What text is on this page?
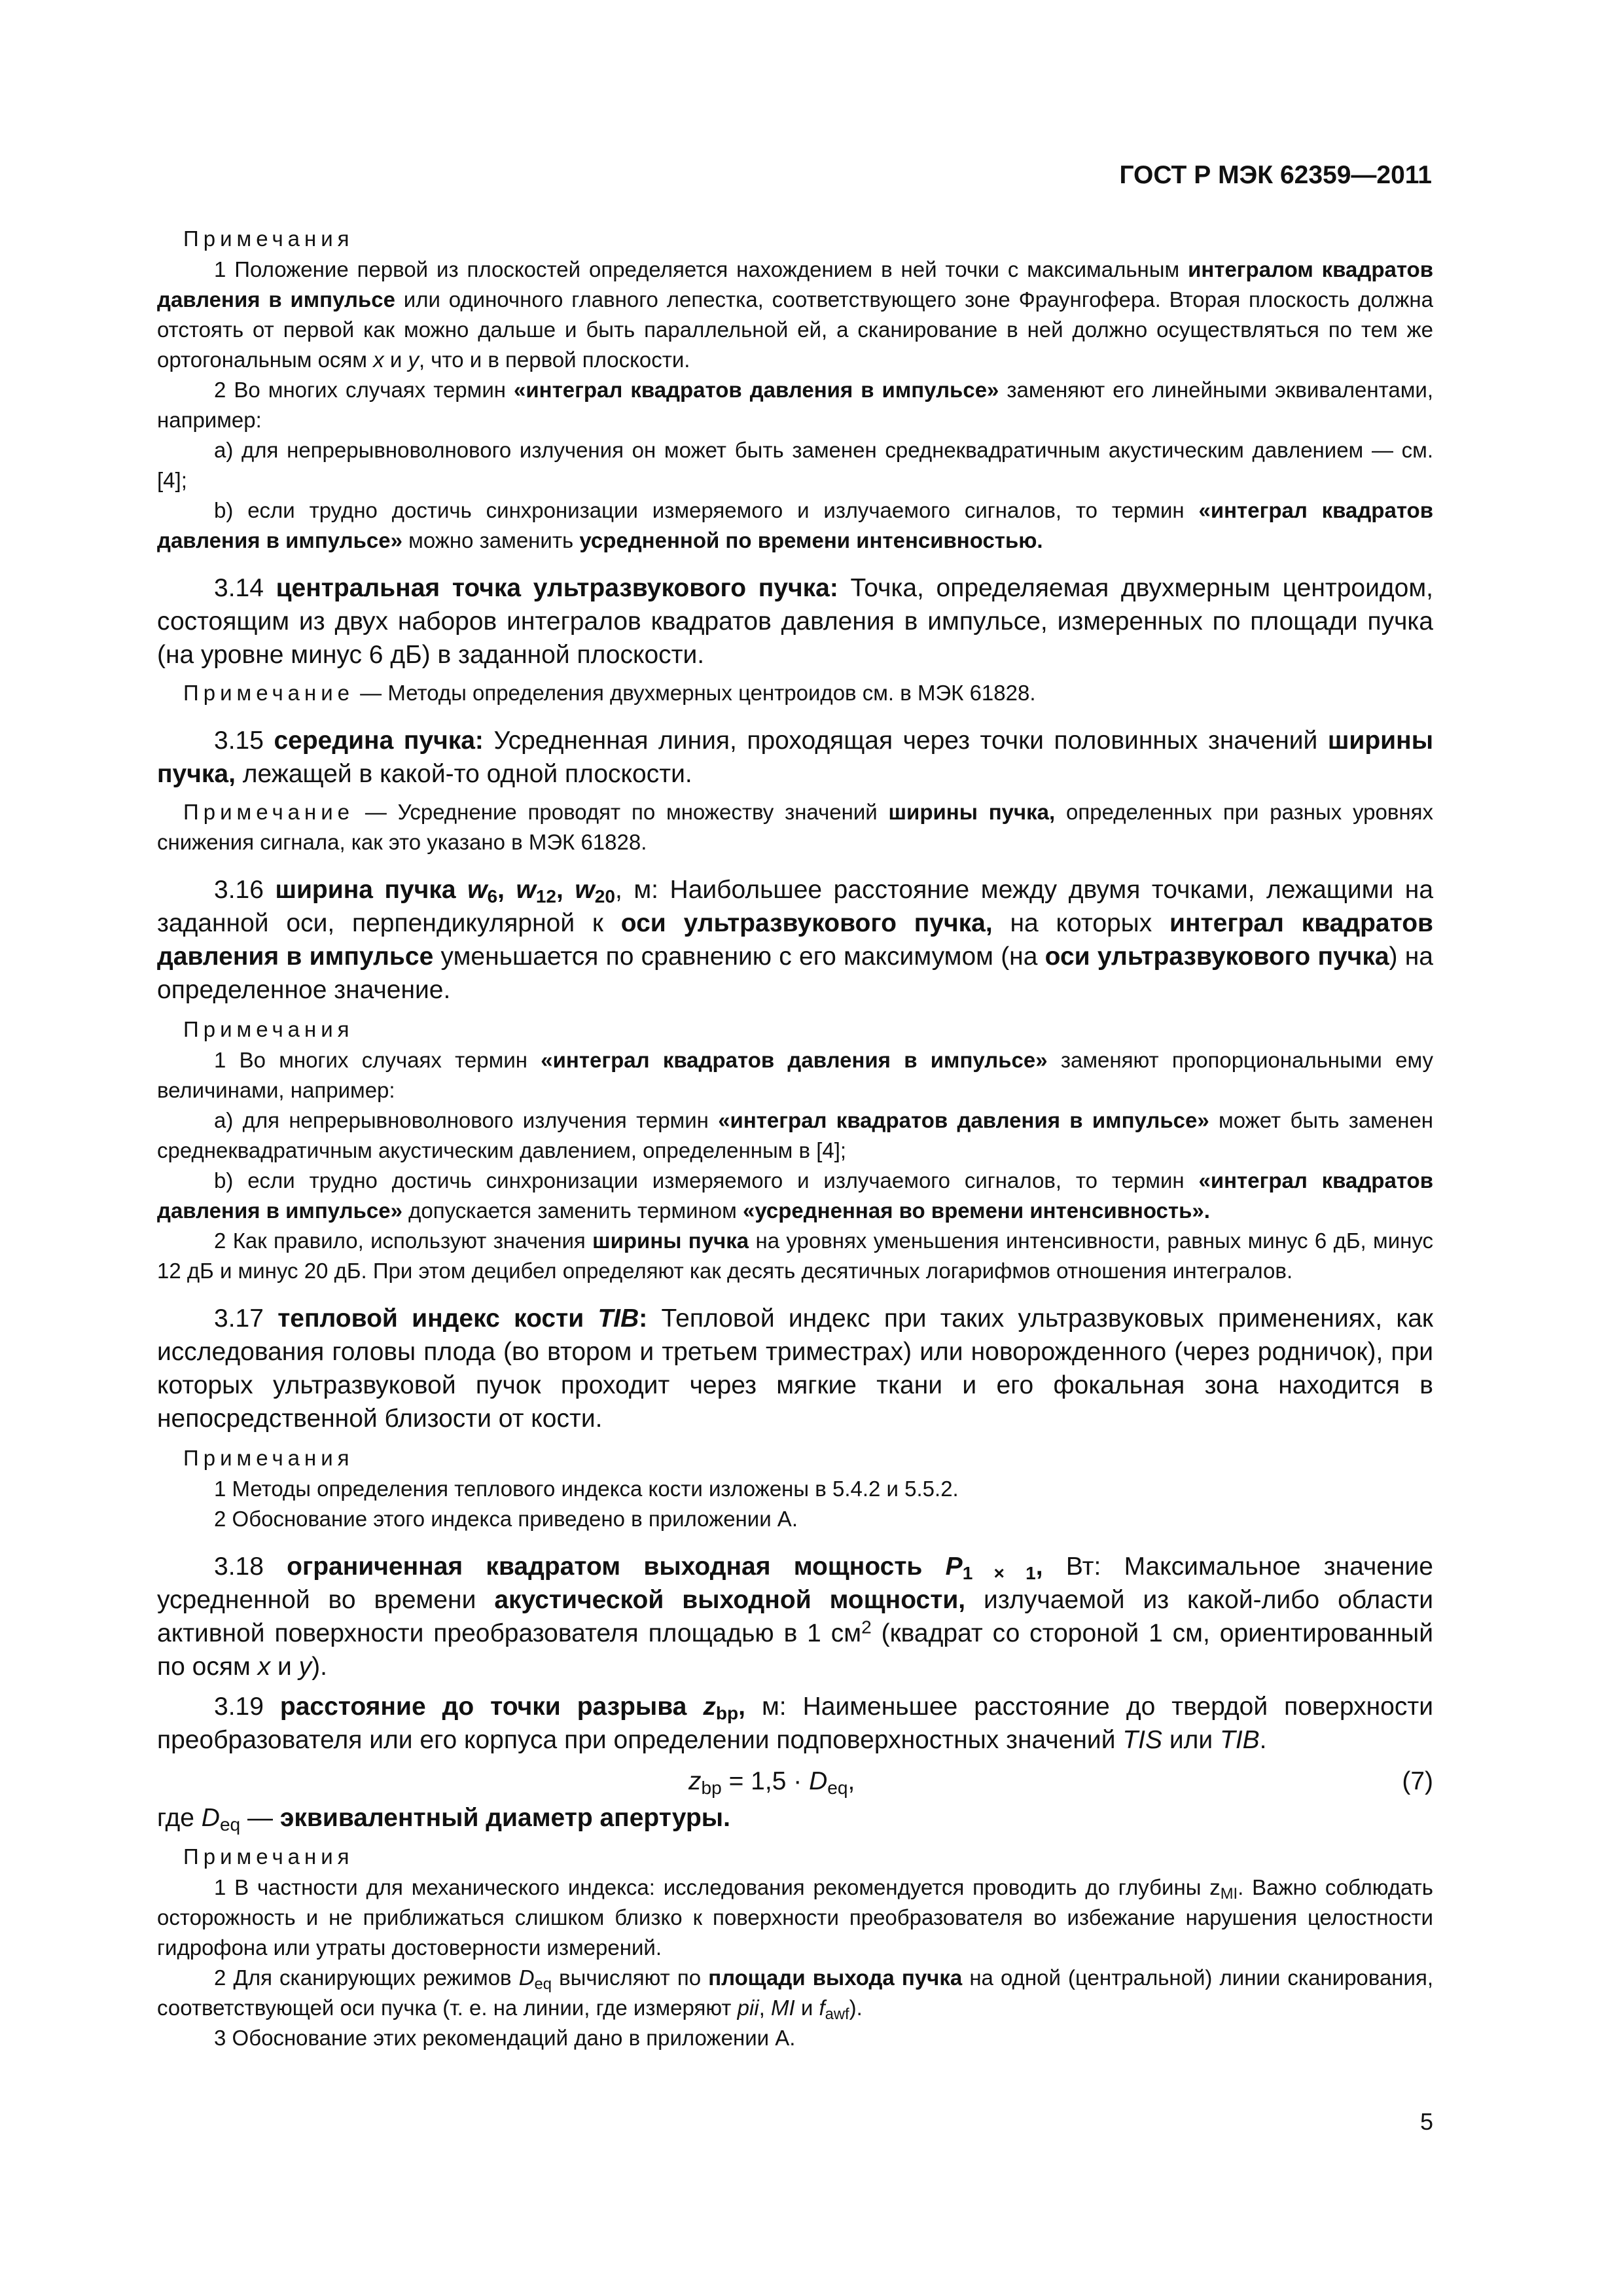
ГОСТ Р МЭК 62359—2011

Примечания

1 Положение первой из плоскостей определяется нахождением в ней точки с максимальным интегралом квадратов давления в импульсе или одиночного главного лепестка, соответствующего зоне Фраунгофера. Вторая плоскость должна отстоять от первой как можно дальше и быть параллельной ей, а сканирование в ней должно осуществляться по тем же ортогональным осям x и y, что и в первой плоскости.

2 Во многих случаях термин «интеграл квадратов давления в импульсе» заменяют его линейными эквивалентами, например:

a) для непрерывноволнового излучения он может быть заменен среднеквадратичным акустическим давлением — см. [4];

b) если трудно достичь синхронизации измеряемого и излучаемого сигналов, то термин «интеграл квадратов давления в импульсе» можно заменить усредненной по времени интенсивностью.

3.14 центральная точка ультразвукового пучка: Точка, определяемая двухмерным центроидом, состоящим из двух наборов интегралов квадратов давления в импульсе, измеренных по площади пучка (на уровне минус 6 дБ) в заданной плоскости.

Примечание — Методы определения двухмерных центроидов см. в МЭК 61828.

3.15 середина пучка: Усредненная линия, проходящая через точки половинных значений ширины пучка, лежащей в какой-то одной плоскости.

Примечание — Усреднение проводят по множеству значений ширины пучка, определенных при разных уровнях снижения сигнала, как это указано в МЭК 61828.

3.16 ширина пучка $w_6$, $w_{12}$, $w_{20}$, м: Наибольшее расстояние между двумя точками, лежащими на заданной оси, перпендикулярной к оси ультразвукового пучка, на которых интеграл квадратов давления в импульсе уменьшается по сравнению с его максимумом (на оси ультразвукового пучка) на определенное значение.

Примечания

1 Во многих случаях термин «интеграл квадратов давления в импульсе» заменяют пропорциональными ему величинами, например:

a) для непрерывноволнового излучения термин «интеграл квадратов давления в импульсе» может быть заменен среднеквадратичным акустическим давлением, определенным в [4];

b) если трудно достичь синхронизации измеряемого и излучаемого сигналов, то термин «интеграл квадратов давления в импульсе» допускается заменить термином «усредненная во времени интенсивность».

2 Как правило, используют значения ширины пучка на уровнях уменьшения интенсивности, равных минус 6 дБ, минус 12 дБ и минус 20 дБ. При этом децибел определяют как десять десятичных логарифмов отношения интегралов.

3.17 тепловой индекс кости TIB: Тепловой индекс при таких ультразвуковых применениях, как исследования головы плода (во втором и третьем триместрах) или новорожденного (через родничок), при которых ультразвуковой пучок проходит через мягкие ткани и его фокальная зона находится в непосредственной близости от кости.

Примечания

1 Методы определения теплового индекса кости изложены в 5.4.2 и 5.5.2.

2 Обоснование этого индекса приведено в приложении А.

3.18 ограниченная квадратом выходная мощность $P_{1 \times 1}$, Вт: Максимальное значение усредненной во времени акустической выходной мощности, излучаемой из какой-либо области активной поверхности преобразователя площадью в 1 $см^2$ (квадрат со стороной 1 см, ориентированный по осям x и y).

3.19 расстояние до точки разрыва $z_{bp}$, м: Наименьшее расстояние до твердой поверхности преобразователя или его корпуса при определении подповерхностных значений TIS или TIB.

$z_{bp} = 1,5 \cdot D_{eq}$,	(7)

где $D_{eq}$ — эквивалентный диаметр апертуры.

Примечания

1 В частности для механического индекса: исследования рекомендуется проводить до глубины $z_{MI}$. Важно соблюдать осторожность и не приближаться слишком близко к поверхности преобразователя во избежание нарушения целостности гидрофона или утраты достоверности измерений.

2 Для сканирующих режимов $D_{eq}$ вычисляют по площади выхода пучка на одной (центральной) линии сканирования, соответствующей оси пучка (т. е. на линии, где измеряют pii, MI и $f_{awf}$).

3 Обоснование этих рекомендаций дано в приложении А.

5
